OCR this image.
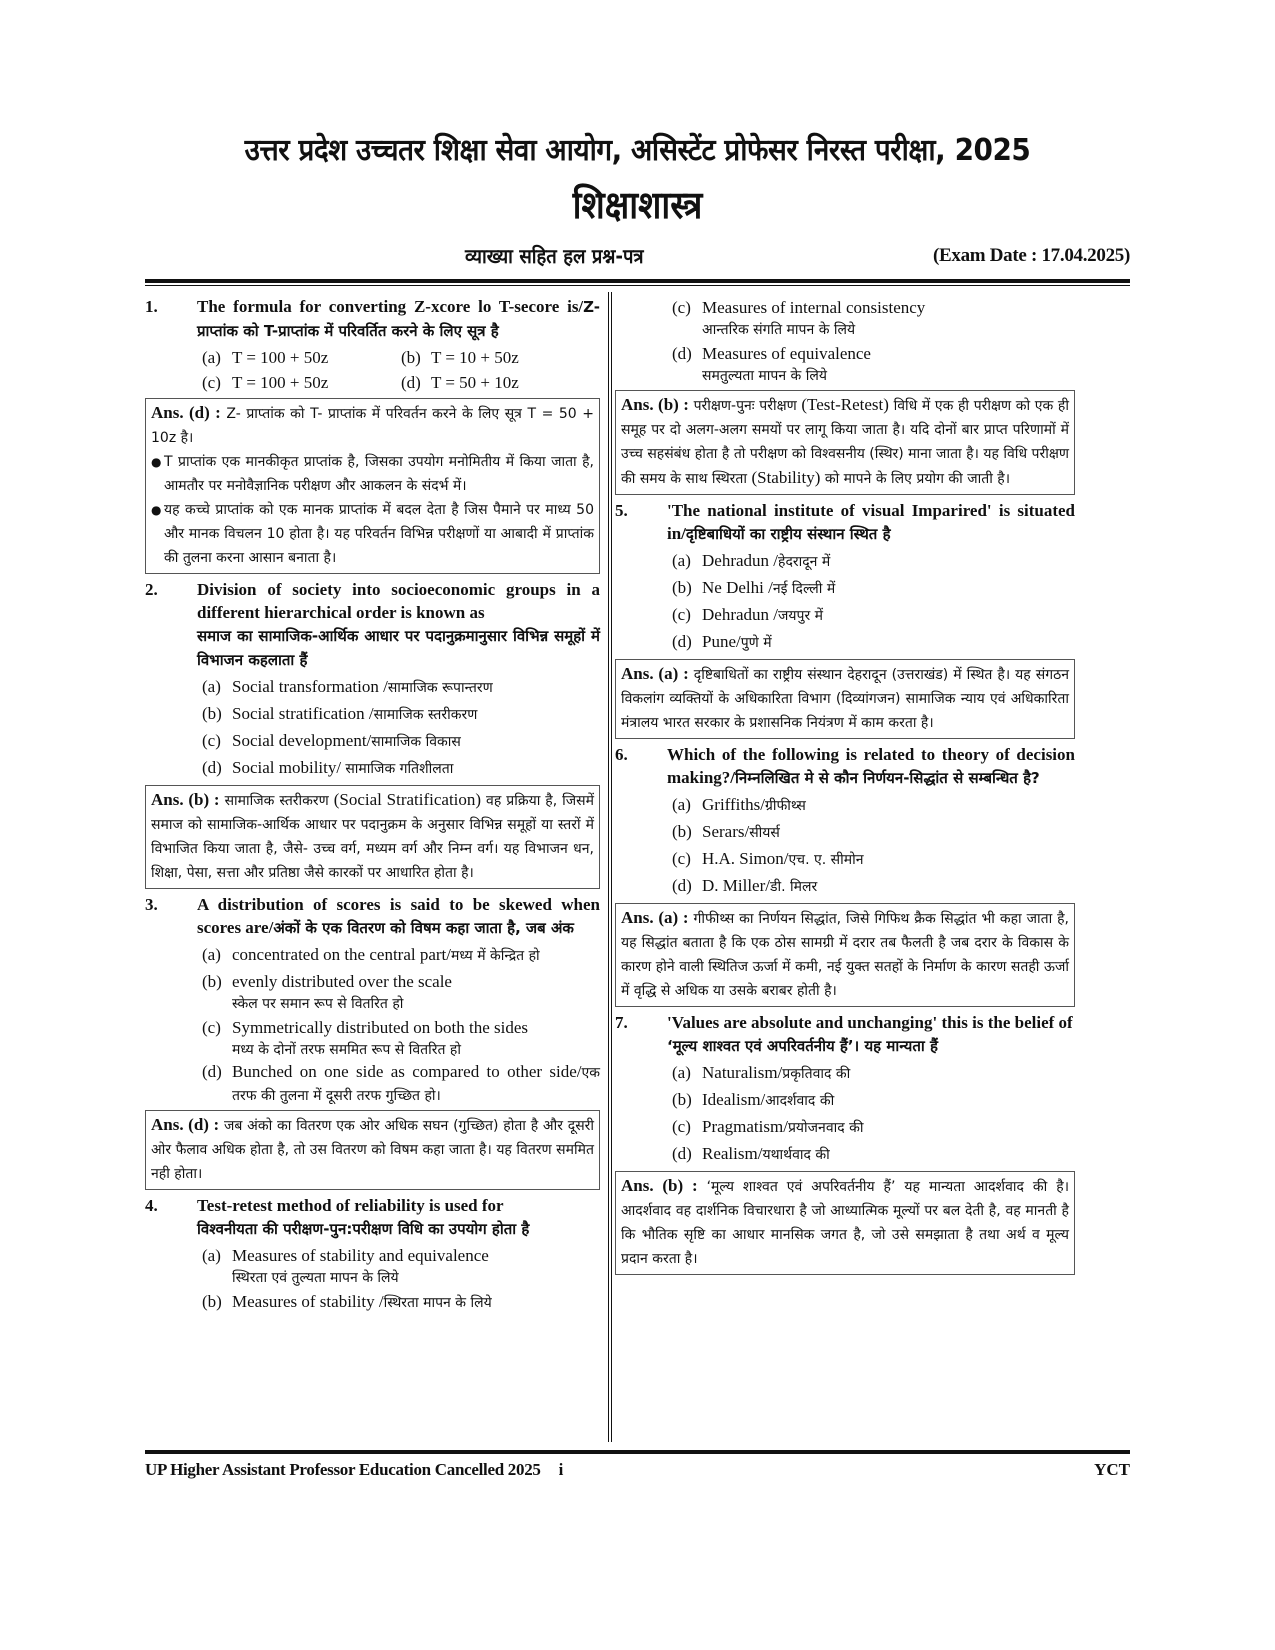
उत्तर प्रदेश उच्चतर शिक्षा सेवा आयोग, असिस्टेंट प्रोफेसर निरस्त परीक्षा, 2025
शिक्षाशास्त्र
व्याख्या सहित हल प्रश्न-पत्र	(Exam Date : 17.04.2025)
1.	The formula for converting Z-xcore lo T-secore is/Z-प्राप्तांक को T-प्राप्तांक में परिवर्तित करने के लिए सूत्र है
(a) T = 100 + 50z	(b) T = 10 + 50z
(c) T = 100 + 50z	(d) T = 50 + 10z
Ans. (d) : Z- प्राप्तांक को T- प्राप्तांक में परिवर्तन करने के लिए सूत्र T = 50 + 10z है।
● T प्राप्तांक एक मानकीकृत प्राप्तांक है, जिसका उपयोग मनोमितीय में किया जाता है, आमतौर पर मनोवैज्ञानिक परीक्षण और आकलन के संदर्भ में।
● यह कच्चे प्राप्तांक को एक मानक प्राप्तांक में बदल देता है जिस पैमाने पर माध्य 50 और मानक विचलन 10 होता है। यह परिवर्तन विभिन्न परीक्षणों या आबादी में प्राप्तांक की तुलना करना आसान बनाता है।
2.	Division of society into socioeconomic groups in a different hierarchical order is known as
समाज का सामाजिक-आर्थिक आधार पर पदानुक्रमानुसार विभिन्न समूहों में विभाजन कहलाता हैं
(a) Social transformation /सामाजिक रूपान्तरण
(b) Social stratification /सामाजिक स्तरीकरण
(c) Social development/सामाजिक विकास
(d) Social mobility/ सामाजिक गतिशीलता
Ans. (b) : सामाजिक स्तरीकरण (Social Stratification) वह प्रक्रिया है, जिसमें समाज को सामाजिक-आर्थिक आधार पर पदानुक्रम के अनुसार विभिन्न समूहों या स्तरों में विभाजित किया जाता है, जैसे- उच्च वर्ग, मध्यम वर्ग और निम्न वर्ग। यह विभाजन धन, शिक्षा, पेसा, सत्ता और प्रतिष्ठा जैसे कारकों पर आधारित होता है।
3.	A distribution of scores is said to be skewed when scores are/अंकों के एक वितरण को विषम कहा जाता है, जब अंक
(a) concentrated on the central part/मध्य में केन्द्रित हो
(b) evenly distributed over the scale
स्केल पर समान रूप से वितरित हो
(c) Symmetrically distributed on both the sides
मध्य के दोनों तरफ सममित रूप से वितरित हो
(d) Bunched on one side as compared to other side/एक तरफ की तुलना में दूसरी तरफ गुच्छित हो।
Ans. (d) : जब अंको का वितरण एक ओर अधिक सघन (गुच्छित) होता है और दूसरी ओर फैलाव अधिक होता है, तो उस वितरण को विषम कहा जाता है। यह वितरण सममित नही होता।
4.	Test-retest method of reliability is used for
विश्वनीयता की परीक्षण-पुन:परीक्षण विधि का उपयोग होता है
(a) Measures of stability and equivalence
स्थिरता एवं तुल्यता मापन के लिये
(b) Measures of stability /स्थिरता मापन के लिये
(c) Measures of internal consistency
आन्तरिक संगति मापन के लिये
(d) Measures of equivalence
समतुल्यता मापन के लिये
Ans. (b) : परीक्षण-पुनः परीक्षण (Test-Retest) विधि में एक ही परीक्षण को एक ही समूह पर दो अलग-अलग समयों पर लागू किया जाता है। यदि दोनों बार प्राप्त परिणामों में उच्च सहसंबंध होता है तो परीक्षण को विश्वसनीय (स्थिर) माना जाता है। यह विधि परीक्षण की समय के साथ स्थिरता (Stability) को मापने के लिए प्रयोग की जाती है।
5.	'The national institute of visual Imparired' is situated in/दृष्टिबाधियों का राष्ट्रीय संस्थान स्थित है
(a) Dehradun /हेदरादून में
(b) Ne Delhi /नई दिल्ली में
(c) Dehradun /जयपुर में
(d) Pune/पुणे में
Ans. (a) : दृष्टिबाधितों का राष्ट्रीय संस्थान देहरादून (उत्तराखंड) में स्थित है। यह संगठन विकलांग व्यक्तियों के अधिकारिता विभाग (दिव्यांगजन) सामाजिक न्याय एवं अधिकारिता मंत्रालय भारत सरकार के प्रशासनिक नियंत्रण में काम करता है।
6.	Which of the following is related to theory of decision making?/निम्नलिखित मे से कौन निर्णयन-सिद्धांत से सम्बन्धित है?
(a) Griffiths/ग्रीफीथ्स
(b) Serars/सीयर्स
(c) H.A. Simon/एच. ए. सीमोन
(d) D. Miller/डी. मिलर
Ans. (a) : गीफीथ्स का निर्णयन सिद्धांत, जिसे गिफिथ क्रैक सिद्धांत भी कहा जाता है, यह सिद्धांत बताता है कि एक ठोस सामग्री में दरार तब फैलती है जब दरार के विकास के कारण होने वाली स्थितिज ऊर्जा में कमी, नई युक्त सतहों के निर्माण के कारण सतही ऊर्जा में वृद्धि से अधिक या उसके बराबर होती है।
7.	'Values are absolute and unchanging' this is the belief of
‘मूल्य शाश्वत एवं अपरिवर्तनीय हैं’। यह मान्यता हैं
(a) Naturalism/प्रकृतिवाद की
(b) Idealism/आदर्शवाद की
(c) Pragmatism/प्रयोजनवाद की
(d) Realism/यथार्थवाद की
Ans. (b) : ‘मूल्य शाश्वत एवं अपरिवर्तनीय हैं’ यह मान्यता आदर्शवाद की है। आदर्शवाद वह दार्शनिक विचारधारा है जो आध्यात्मिक मूल्यों पर बल देती है, वह मानती है कि भौतिक सृष्टि का आधार मानसिक जगत है, जो उसे समझाता है तथा अर्थ व मूल्य प्रदान करता है।
UP Higher Assistant Professor Education Cancelled 2025 i	YCT
